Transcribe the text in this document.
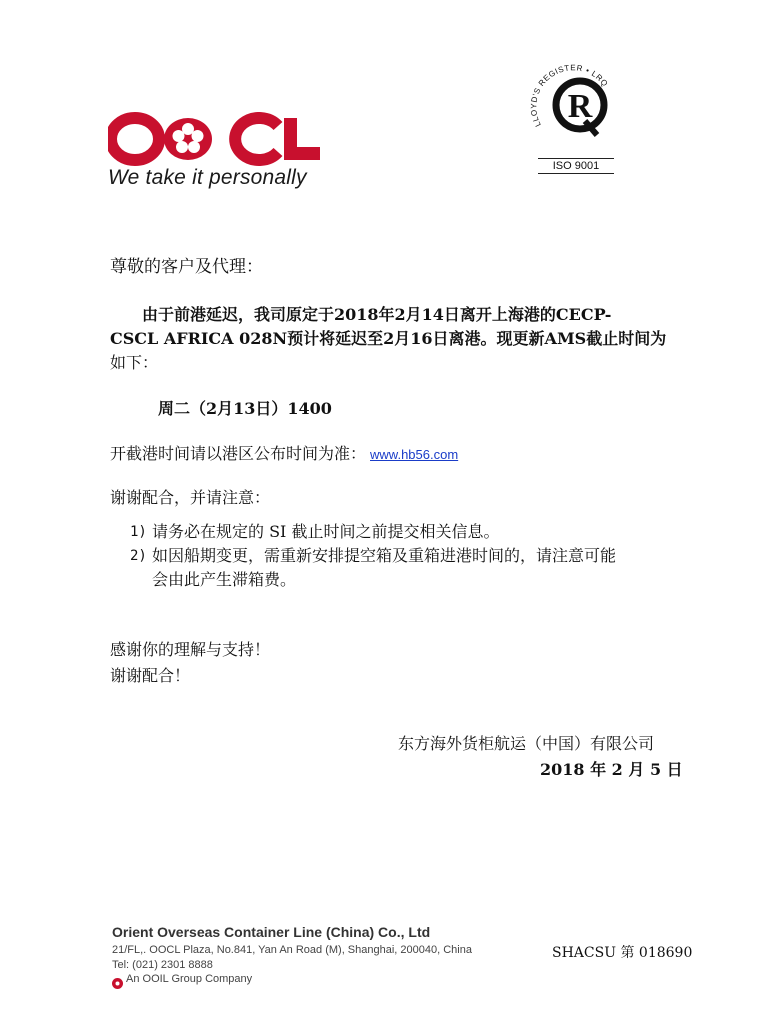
We take it personally
LLOYD'S REGISTER • LRQ
R
ISO 9001
尊敬的客户及代理：
　　由于前港延迟，我司原定于2018年2月14日离开上海港的CECP-
CSCL AFRICA 028N预计将延迟至2月16日离港。现更新AMS截止时间为
如下：
周二（2月13日）1400
开截港时间请以港区公布时间为准： www.hb56.com
谢谢配合，并请注意：
1) 请务必在规定的 SI 截止时间之前提交相关信息。
2) 如因船期变更，需重新安排提空箱及重箱进港时间的，请注意可能
会由此产生滞箱费。
感谢你的理解与支持！
谢谢配合！
东方海外货柜航运（中国）有限公司
2018 年 2 月 5 日
Orient Overseas Container Line (China) Co., Ltd
21/FL,. OOCL Plaza, No.841, Yan An Road (M), Shanghai, 200040, China
Tel: (021) 2301 8888
An OOIL Group Company
SHACSU 第 018690
